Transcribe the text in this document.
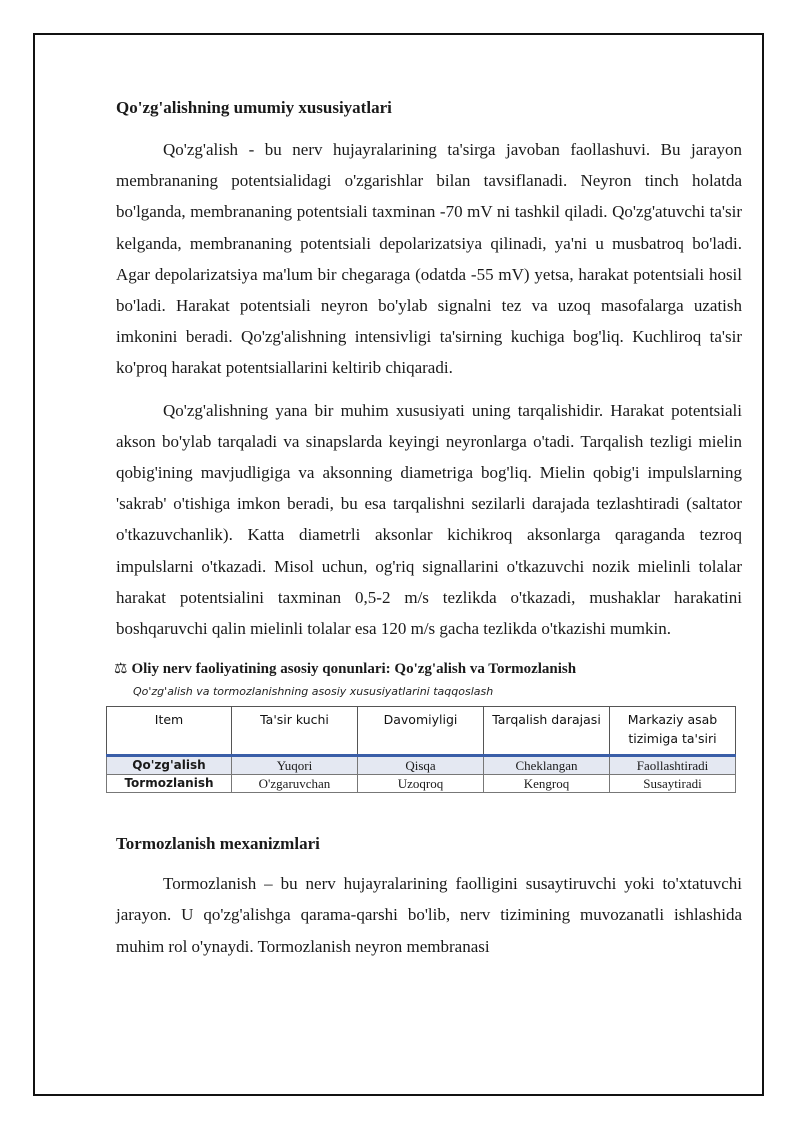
Qo'zg'alishning umumiy xususiyatlari

Qo'zg'alish - bu nerv hujayralarining ta'sirga javoban faollashuvi. Bu jarayon membrananing potentsialidagi o'zgarishlar bilan tavsiflanadi. Neyron tinch holatda bo'lganda, membrananing potentsiali taxminan -70 mV ni tashkil qiladi. Qo'zg'atuvchi ta'sir kelganda, membrananing potentsiali depolarizatsiya qilinadi, ya'ni u musbatroq bo'ladi. Agar depolarizatsiya ma'lum bir chegaraga (odatda -55 mV) yetsa, harakat potentsiali hosil bo'ladi. Harakat potentsiali neyron bo'ylab signalni tez va uzoq masofalarga uzatish imkonini beradi. Qo'zg'alishning intensivligi ta'sirning kuchiga bog'liq. Kuchliroq ta'sir ko'proq harakat potentsiallarini keltirib chiqaradi.

Qo'zg'alishning yana bir muhim xususiyati uning tarqalishidir. Harakat potentsiali akson bo'ylab tarqaladi va sinapslarda keyingi neyronlarga o'tadi. Tarqalish tezligi mielin qobig'ining mavjudligiga va aksonning diametriga bog'liq. Mielin qobig'i impulslarning 'sakrab' o'tishiga imkon beradi, bu esa tarqalishni sezilarli darajada tezlashtiradi (saltator o'tkazuvchanlik). Katta diametrli aksonlar kichikroq aksonlarga qaraganda tezroq impulslarni o'tkazadi. Misol uchun, og'riq signallarini o'tkazuvchi nozik mielinli tolalar harakat potentsialini taxminan 0,5-2 m/s tezlikda o'tkazadi, mushaklar harakatini boshqaruvchi qalin mielinli tolalar esa 120 m/s gacha tezlikda o'tkazishi mumkin.

⚖ Oliy nerv faoliyatining asosiy qonunlari: Qo'zg'alish va Tormozlanish
Qo'zg'alish va tormozlanishning asosiy xususiyatlarini taqqoslash
Item	Ta'sir kuchi	Davomiyligi	Tarqalish darajasi	Markaziy asab tizimiga ta'siri
Qo'zg'alish	Yuqori	Qisqa	Cheklangan	Faollashtiradi
Tormozlanish	O'zgaruvchan	Uzoqroq	Kengroq	Susaytiradi
Tormozlanish mexanizmlari

Tormozlanish – bu nerv hujayralarining faolligini susaytiruvchi yoki to'xtatuvchi jarayon. U qo'zg'alishga qarama-qarshi bo'lib, nerv tizimining muvozanatli ishlashida muhim rol o'ynaydi. Tormozlanish neyron membranasi
